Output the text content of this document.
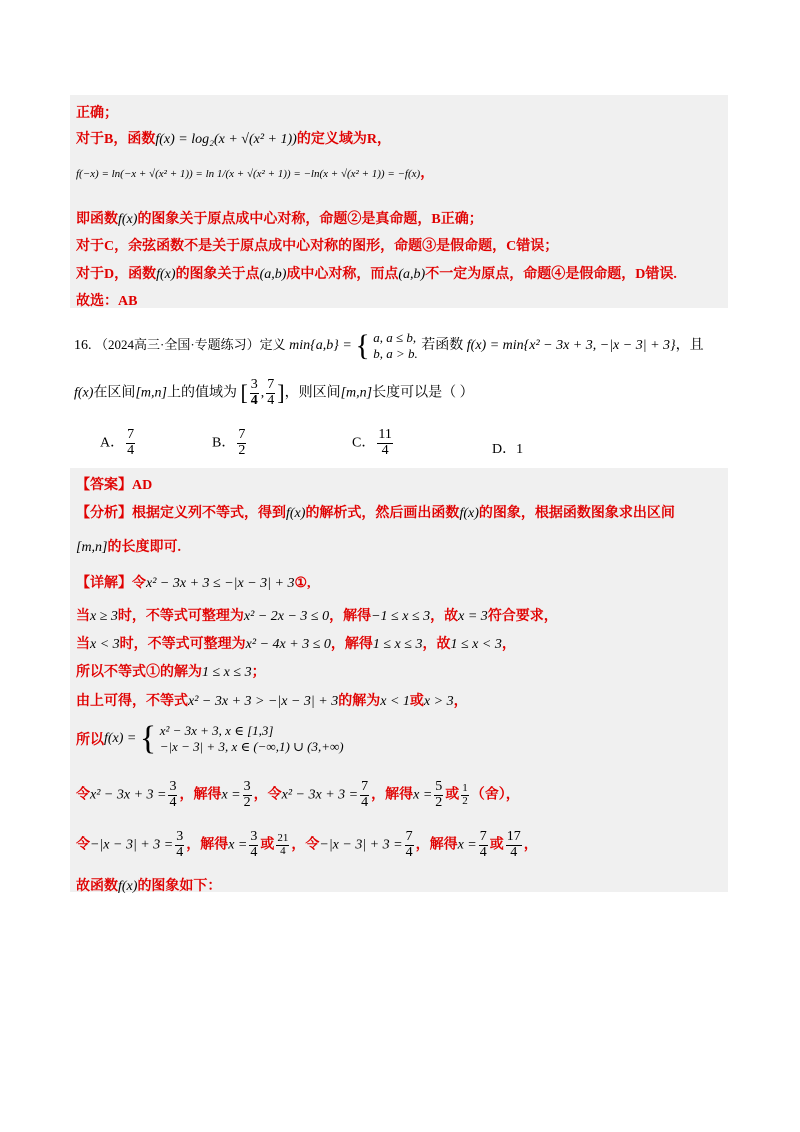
正确；
对于B，函数f(x) = log₂(x + √(x² + 1))的定义域为R，
f(−x) = ln(−x + √(x² + 1)) = ln 1/(x + √(x² + 1)) = −ln(x + √(x² + 1)) = −f(x)，
即函数f(x)的图象关于原点成中心对称，命题②是真命题，B正确；
对于C，余弦函数不是关于原点成中心对称的图形，命题③是假命题，C错误；
对于D，函数f(x)的图象关于点(a,b)成中心对称，而点(a,b)不一定为原点，命题④是假命题，D错误.
故选：AB
16. （2024高三·全国·专题练习）定义 min{a,b} = { a, a ≤ b,
b, a > b.
若函数 f(x) = min{x² − 3x + 3, −|x − 3| + 3}，且
f(x)在区间[m,n]上的值域为 [ $\frac{3}{4}$ , $\frac{7}{4}$ ]，则区间[m,n]长度可以是（ ）
A． $\frac{7}{4}$	B． $\frac{7}{2}$	C． $\frac{11}{4}$	D．1
【答案】AD
【分析】根据定义列不等式，得到f(x)的解析式，然后画出函数f(x)的图象，根据函数图象求出区间
[m,n]的长度即可.
【详解】令x² − 3x + 3 ≤ −|x − 3| + 3①,
当x ≥ 3时，不等式可整理为x² − 2x − 3 ≤ 0，解得−1 ≤ x ≤ 3，故x = 3符合要求，
当x < 3时，不等式可整理为x² − 4x + 3 ≤ 0，解得1 ≤ x ≤ 3，故1 ≤ x < 3，
所以不等式①的解为1 ≤ x ≤ 3；
由上可得，不等式x² − 3x + 3 > −|x − 3| + 3的解为x < 1或x > 3，
所以f(x) = { x² − 3x + 3, x ∈ [1,3]
−|x − 3| + 3, x ∈ (−∞,1) ∪ (3,+∞)
令$x^2 - 3x + 3 = \frac{3}{4}$ ，解得$x = \frac{3}{2}$ ，令$x^2 - 3x + 3 = \frac{7}{4}$ ，解得$x = \frac{5}{2}$ 或 $\frac{1}{2}$ （舍），
令$-|x - 3| + 3 = \frac{3}{4}$ ，解得$x = \frac{3}{4}$ 或 $\frac{21}{4}$ ，令$-|x - 3| + 3 = \frac{7}{4}$ ，解得$x = \frac{7}{4}$ 或 $\frac{17}{4}$ ，
故函数f(x)的图象如下：
